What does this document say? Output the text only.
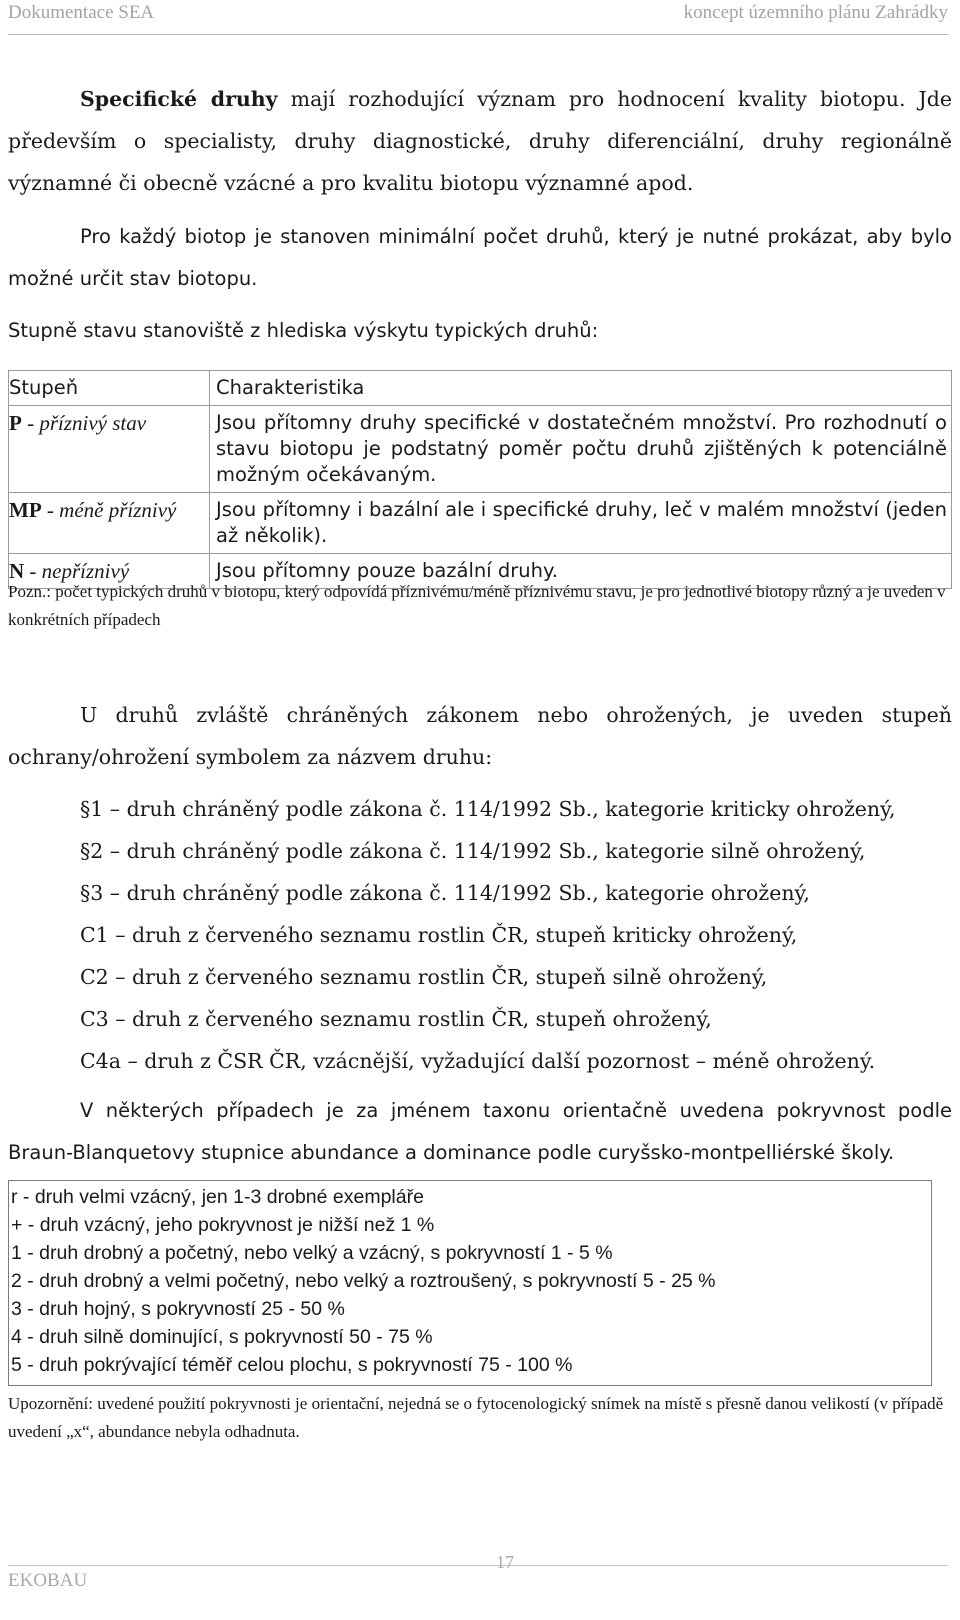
Dokumentace SEA	koncept územního plánu Zahrádky
Specifické druhy mají rozhodující význam pro hodnocení kvality biotopu. Jde především o specialisty, druhy diagnostické, druhy diferenciální, druhy regionálně významné či obecně vzácné a pro kvalitu biotopu významné apod.
Pro každý biotop je stanoven minimální počet druhů, který je nutné prokázat, aby bylo možné určit stav biotopu.
Stupně stavu stanoviště z hlediska výskytu typických druhů:
Stupeň	Charakteristika
P - příznivý stav	Jsou přítomny druhy specifické v dostatečném množství. Pro rozhodnutí o stavu biotopu je podstatný poměr počtu druhů zjištěných k potenciálně možným očekávaným.
MP - méně příznivý	Jsou přítomny i bazální ale i specifické druhy, leč v malém množství (jeden až několik).
N - nepříznivý	Jsou přítomny pouze bazální druhy.
Pozn.: počet typických druhů v biotopu, který odpovídá příznivému/méně příznivému stavu, je pro jednotlivé biotopy různý a je uveden v konkrétních případech
U druhů zvláště chráněných zákonem nebo ohrožených, je uveden stupeň ochrany/ohrožení symbolem za názvem druhu:
§1 – druh chráněný podle zákona č. 114/1992 Sb., kategorie kriticky ohrožený,
§2 – druh chráněný podle zákona č. 114/1992 Sb., kategorie silně ohrožený,
§3 – druh chráněný podle zákona č. 114/1992 Sb., kategorie ohrožený,
C1 – druh z červeného seznamu rostlin ČR, stupeň kriticky ohrožený,
C2 – druh z červeného seznamu rostlin ČR, stupeň silně ohrožený,
C3 – druh z červeného seznamu rostlin ČR, stupeň ohrožený,
C4a – druh z ČSR ČR, vzácnější, vyžadující další pozornost – méně ohrožený.
V některých případech je za jménem taxonu orientačně uvedena pokryvnost podle Braun-Blanquetovy stupnice abundance a dominance podle curyšsko-montpelliérské školy.
r - druh velmi vzácný, jen 1-3 drobné exempláře
+ - druh vzácný, jeho pokryvnost je nižší než 1 %
1 - druh drobný a početný, nebo velký a vzácný, s pokryvností 1 - 5 %
2 - druh drobný a velmi početný, nebo velký a roztroušený, s pokryvností 5 - 25 %
3 - druh hojný, s pokryvností 25 - 50 %
4 - druh silně dominující, s pokryvností 50 - 75 %
5 - druh pokrývající téměř celou plochu, s pokryvností 75 - 100 %
Upozornění: uvedené použití pokryvnosti je orientační, nejedná se o fytocenologický snímek na místě s přesně danou velikostí (v případě uvedení „x“, abundance nebyla odhadnuta.
EKOBAU
17
